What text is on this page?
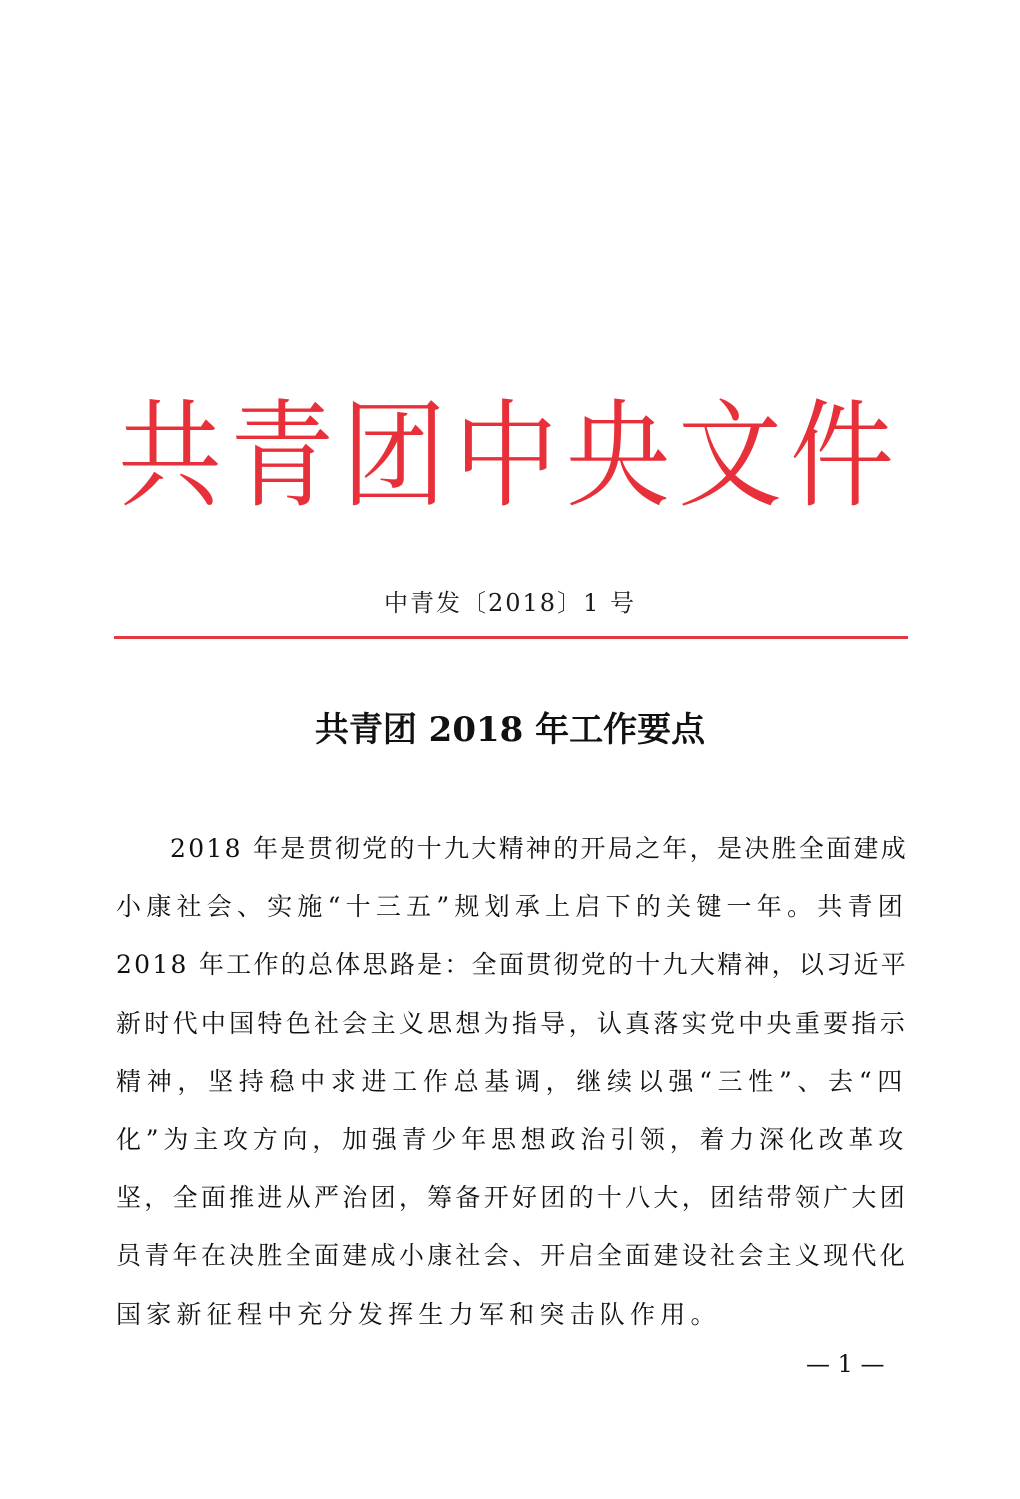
共青团中央文件
中青发〔2018〕1 号
共青团 2018 年工作要点
2018 年是贯彻党的十九大精神的开局之年，是决胜全面建成
小康社会、实施“十三五”规划承上启下的关键一年。共青团
2018 年工作的总体思路是：全面贯彻党的十九大精神，以习近平
新时代中国特色社会主义思想为指导，认真落实党中央重要指示
精神，坚持稳中求进工作总基调，继续以强“三性”、去“四
化”为主攻方向，加强青少年思想政治引领，着力深化改革攻
坚，全面推进从严治团，筹备开好团的十八大，团结带领广大团
员青年在决胜全面建成小康社会、开启全面建设社会主义现代化
国家新征程中充分发挥生力军和突击队作用。
— 1 —
